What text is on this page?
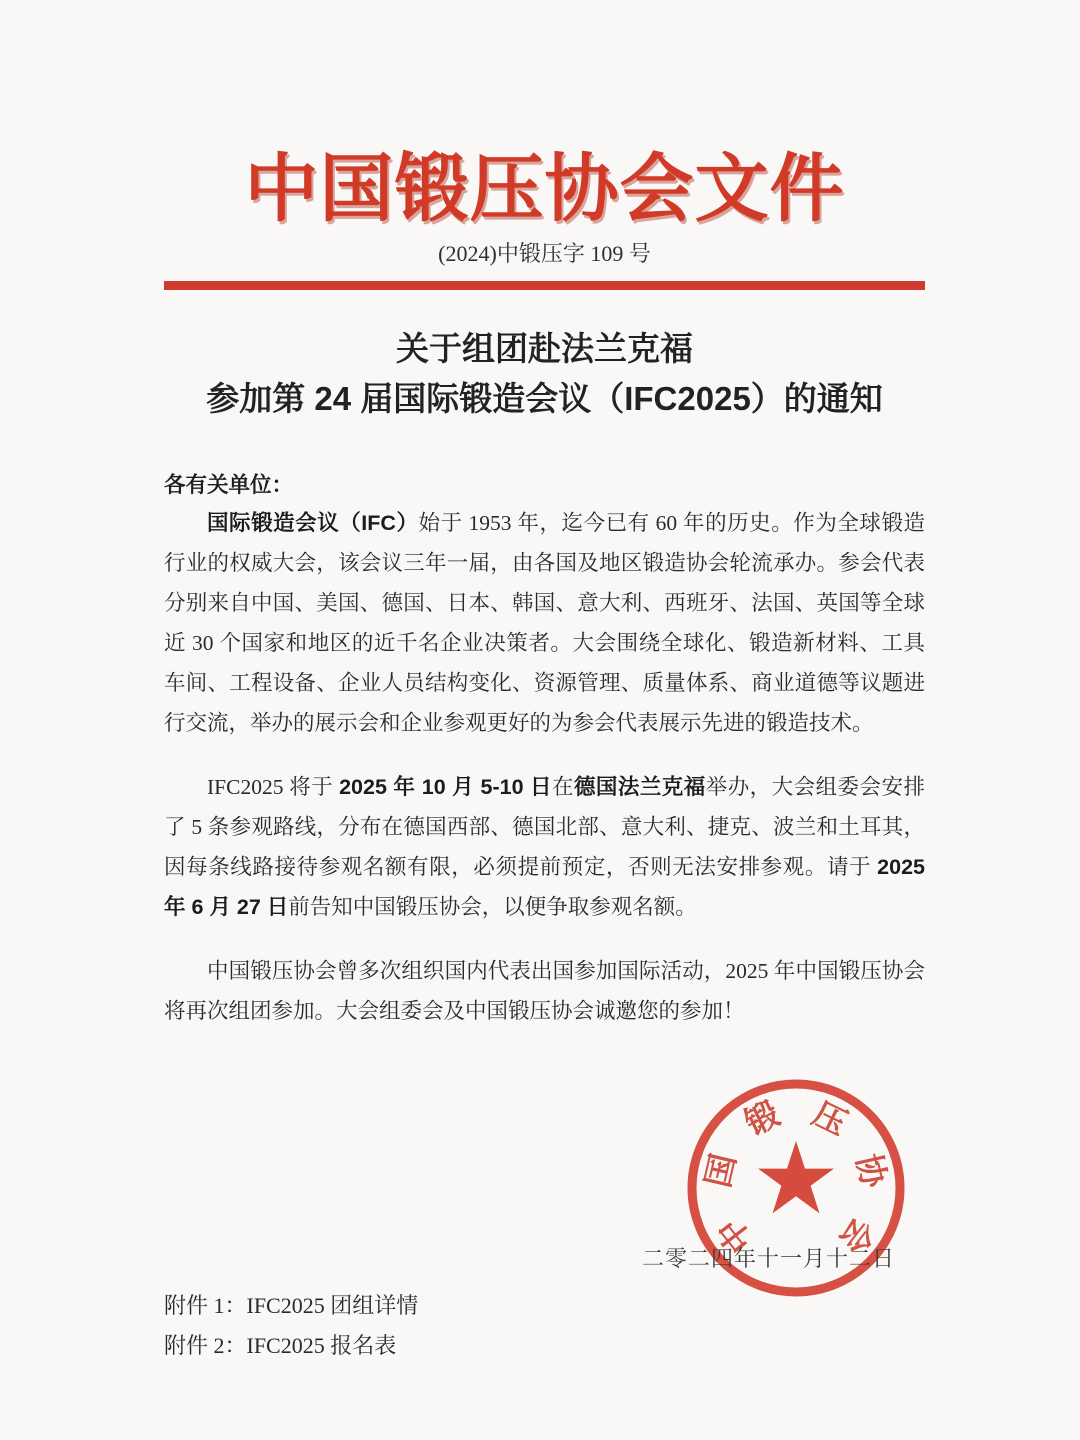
中国锻压协会文件
(2024)中锻压字 109 号
关于组团赴法兰克福
参加第 24 届国际锻造会议（IFC2025）的通知
各有关单位：

国际锻造会议（IFC）始于 1953 年，迄今已有 60 年的历史。作为全球锻造行业的权威大会，该会议三年一届，由各国及地区锻造协会轮流承办。参会代表分别来自中国、美国、德国、日本、韩国、意大利、西班牙、法国、英国等全球近 30 个国家和地区的近千名企业决策者。大会围绕全球化、锻造新材料、工具车间、工程设备、企业人员结构变化、资源管理、质量体系、商业道德等议题进行交流，举办的展示会和企业参观更好的为参会代表展示先进的锻造技术。

IFC2025 将于 2025 年 10 月 5-10 日在德国法兰克福举办，大会组委会安排了 5 条参观路线，分布在德国西部、德国北部、意大利、捷克、波兰和土耳其，因每条线路接待参观名额有限，必须提前预定，否则无法安排参观。请于 2025 年 6 月 27 日前告知中国锻压协会，以便争取参观名额。

中国锻压协会曾多次组织国内代表出国参加国际活动，2025 年中国锻压协会将再次组团参加。大会组委会及中国锻压协会诚邀您的参加！

中
国
锻 压
协
会
二零二四年十一月十二日
附件 1：IFC2025 团组详情
附件 2：IFC2025 报名表
